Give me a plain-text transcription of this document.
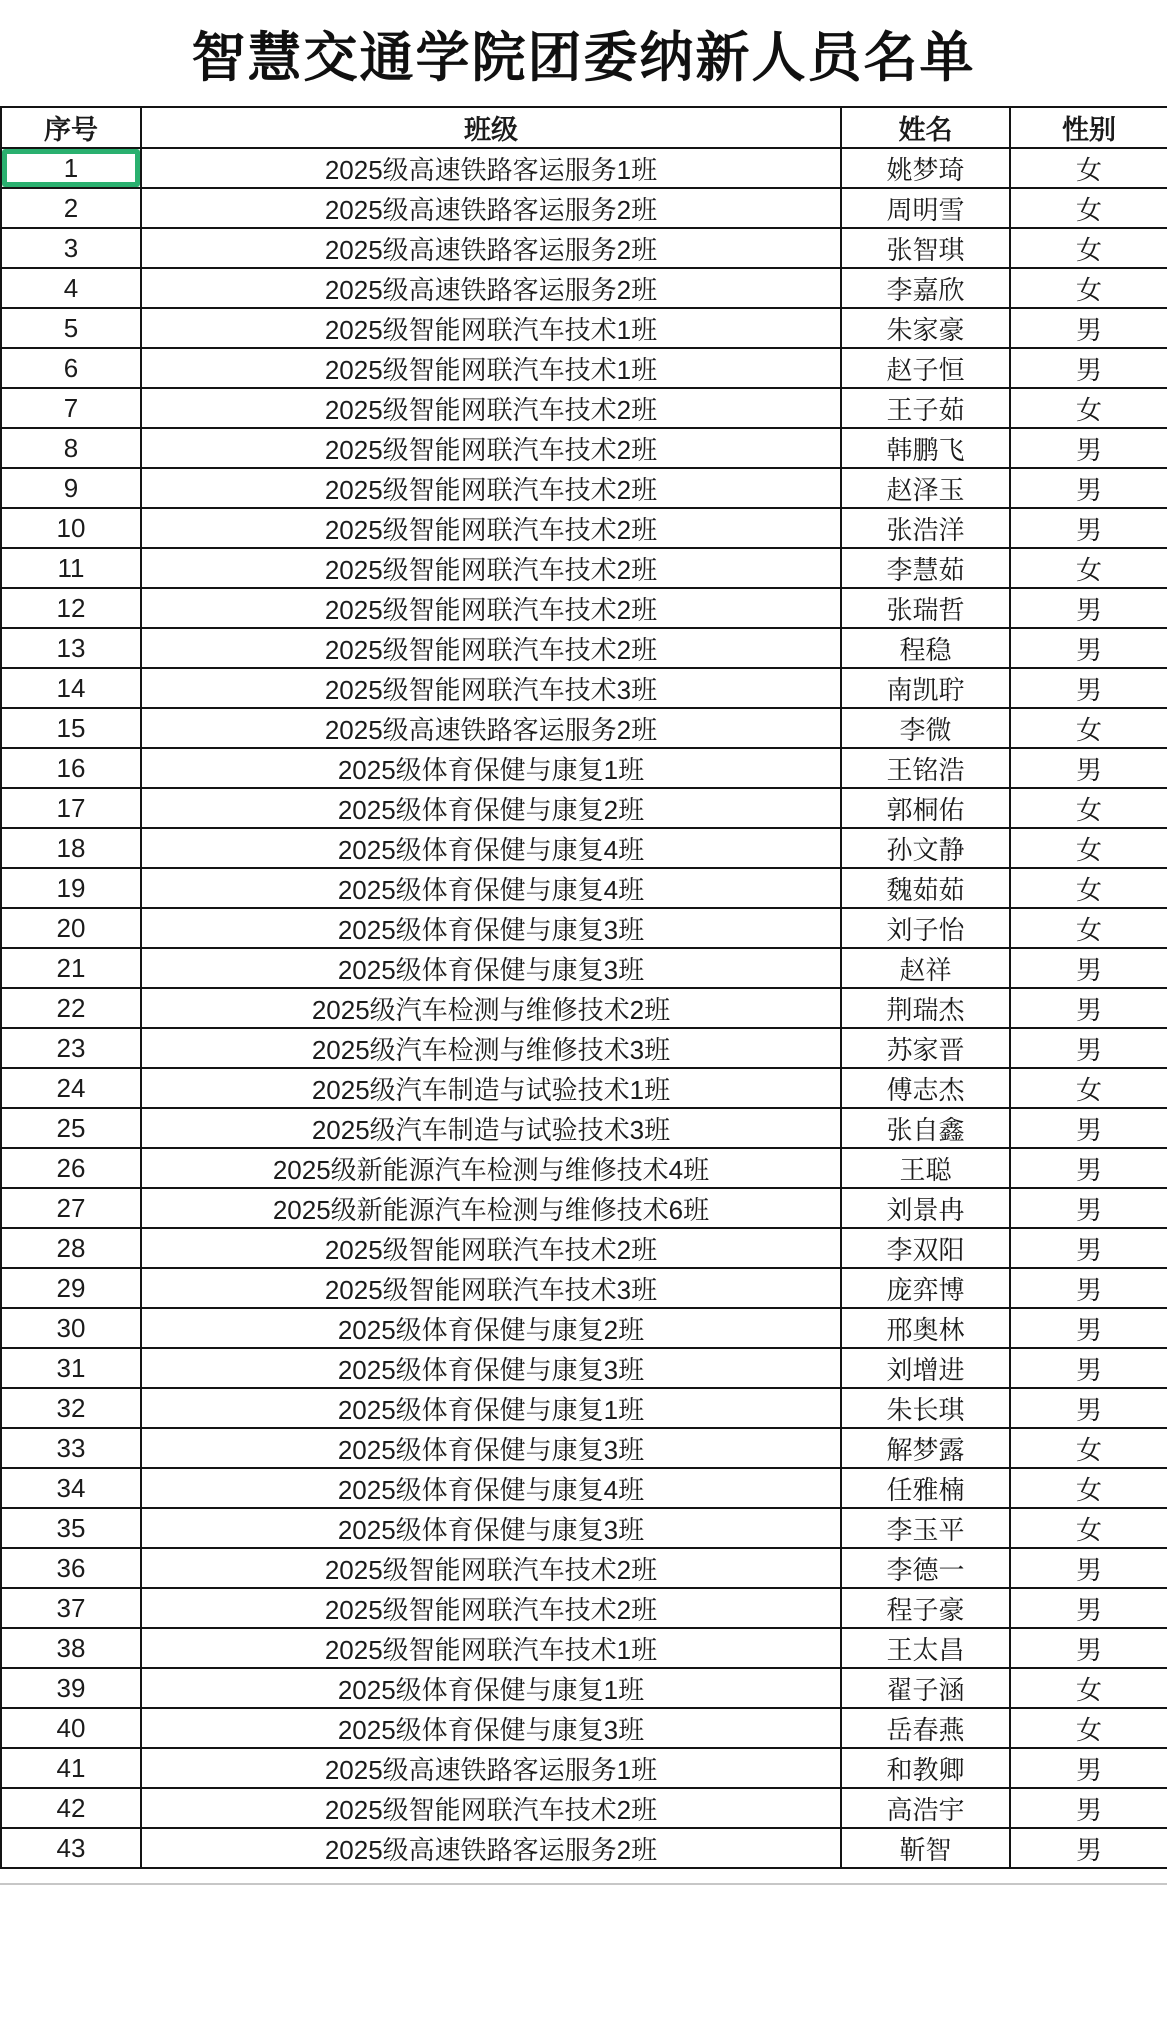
智慧交通学院团委纳新人员名单
序号	班级	姓名	性别
1	2025级高速铁路客运服务1班	姚梦琦	女
2	2025级高速铁路客运服务2班	周明雪	女
3	2025级高速铁路客运服务2班	张智琪	女
4	2025级高速铁路客运服务2班	李嘉欣	女
5	2025级智能网联汽车技术1班	朱家豪	男
6	2025级智能网联汽车技术1班	赵子恒	男
7	2025级智能网联汽车技术2班	王子茹	女
8	2025级智能网联汽车技术2班	韩鹏飞	男
9	2025级智能网联汽车技术2班	赵泽玉	男
10	2025级智能网联汽车技术2班	张浩洋	男
11	2025级智能网联汽车技术2班	李慧茹	女
12	2025级智能网联汽车技术2班	张瑞哲	男
13	2025级智能网联汽车技术2班	程稳	男
14	2025级智能网联汽车技术3班	南凯聍	男
15	2025级高速铁路客运服务2班	李微	女
16	2025级体育保健与康复1班	王铭浩	男
17	2025级体育保健与康复2班	郭桐佑	女
18	2025级体育保健与康复4班	孙文静	女
19	2025级体育保健与康复4班	魏茹茹	女
20	2025级体育保健与康复3班	刘子怡	女
21	2025级体育保健与康复3班	赵祥	男
22	2025级汽车检测与维修技术2班	荆瑞杰	男
23	2025级汽车检测与维修技术3班	苏家晋	男
24	2025级汽车制造与试验技术1班	傅志杰	女
25	2025级汽车制造与试验技术3班	张自鑫	男
26	2025级新能源汽车检测与维修技术4班	王聪	男
27	2025级新能源汽车检测与维修技术6班	刘景冉	男
28	2025级智能网联汽车技术2班	李双阳	男
29	2025级智能网联汽车技术3班	庞弈博	男
30	2025级体育保健与康复2班	邢奥林	男
31	2025级体育保健与康复3班	刘增进	男
32	2025级体育保健与康复1班	朱长琪	男
33	2025级体育保健与康复3班	解梦露	女
34	2025级体育保健与康复4班	任雅楠	女
35	2025级体育保健与康复3班	李玉平	女
36	2025级智能网联汽车技术2班	李德一	男
37	2025级智能网联汽车技术2班	程子豪	男
38	2025级智能网联汽车技术1班	王太昌	男
39	2025级体育保健与康复1班	翟子涵	女
40	2025级体育保健与康复3班	岳春燕	女
41	2025级高速铁路客运服务1班	和教卿	男
42	2025级智能网联汽车技术2班	高浩宇	男
43	2025级高速铁路客运服务2班	靳智	男
